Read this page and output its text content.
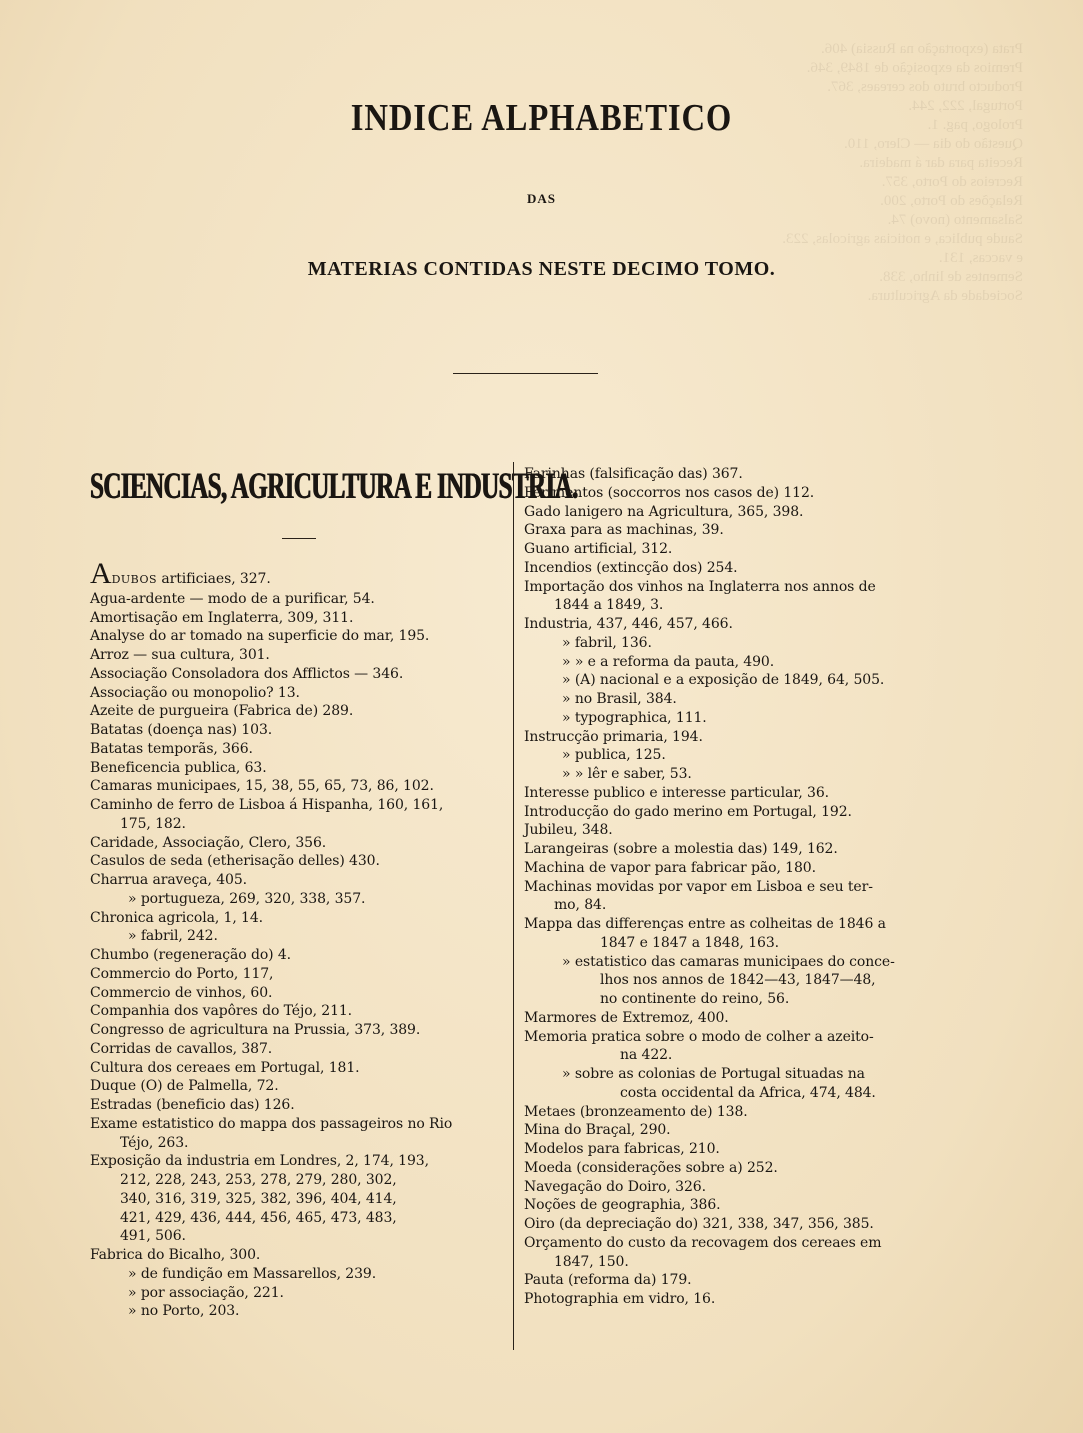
Prata (exportação na Russia) 406.
Premios da exposição de 1849, 346.
Producto bruto dos cereaes, 367.
Portugal, 222, 244.
Prologo, pag. 1.
Questão do dia — Clero, 110.
Receita para dar á madeira.
Recreios do Porto, 357.
Relações do Porto, 200.
Salsamento (novo) 74.
Saude publica, e noticias agricolas, 223.
e vaccas, 131.
Sementes de linho, 338.
Sociedade da Agricultura.
INDICE ALPHABETICO
DAS
MATERIAS CONTIDAS NESTE DECIMO TOMO.
SCIENCIAS, AGRICULTURA E INDUSTRIA.
ADUBOS artificiaes, 327.
Agua-ardente — modo de a purificar, 54.
Amortisação em Inglaterra, 309, 311.
Analyse do ar tomado na superficie do mar, 195.
Arroz — sua cultura, 301.
Associação Consoladora dos Afflictos — 346.
Associação ou monopolio? 13.
Azeite de purgueira (Fabrica de) 289.
Batatas (doença nas) 103.
Batatas temporãs, 366.
Beneficencia publica, 63.
Camaras municipaes, 15, 38, 55, 65, 73, 86, 102.
Caminho de ferro de Lisboa á Hispanha, 160, 161,
175, 182.
Caridade, Associação, Clero, 356.
Casulos de seda (etherisação delles) 430.
Charrua araveça, 405.
» portugueza, 269, 320, 338, 357.
Chronica agricola, 1, 14.
» fabril, 242.
Chumbo (regeneração do) 4.
Commercio do Porto, 117,
Commercio de vinhos, 60.
Companhia dos vapôres do Téjo, 211.
Congresso de agricultura na Prussia, 373, 389.
Corridas de cavallos, 387.
Cultura dos cereaes em Portugal, 181.
Duque (O) de Palmella, 72.
Estradas (beneficio das) 126.
Exame estatistico do mappa dos passageiros no Rio
Téjo, 263.
Exposição da industria em Londres, 2, 174, 193,
212, 228, 243, 253, 278, 279, 280, 302,
340, 316, 319, 325, 382, 396, 404, 414,
421, 429, 436, 444, 456, 465, 473, 483,
491, 506.
Fabrica do Bicalho, 300.
» de fundição em Massarellos, 239.
» por associação, 221.
» no Porto, 203.
Farinhas (falsificação das) 367.
Ferimentos (soccorros nos casos de) 112.
Gado lanigero na Agricultura, 365, 398.
Graxa para as machinas, 39.
Guano artificial, 312.
Incendios (extincção dos) 254.
Importação dos vinhos na Inglaterra nos annos de
1844 a 1849, 3.
Industria, 437, 446, 457, 466.
» fabril, 136.
» » e a reforma da pauta, 490.
» (A) nacional e a exposição de 1849, 64, 505.
» no Brasil, 384.
» typographica, 111.
Instrucção primaria, 194.
» publica, 125.
» » lêr e saber, 53.
Interesse publico e interesse particular, 36.
Introducção do gado merino em Portugal, 192.
Jubileu, 348.
Larangeiras (sobre a molestia das) 149, 162.
Machina de vapor para fabricar pão, 180.
Machinas movidas por vapor em Lisboa e seu ter-
mo, 84.
Mappa das differenças entre as colheitas de 1846 a
1847 e 1847 a 1848, 163.
» estatistico das camaras municipaes do conce-
lhos nos annos de 1842—43, 1847—48,
no continente do reino, 56.
Marmores de Extremoz, 400.
Memoria pratica sobre o modo de colher a azeito-
na 422.
» sobre as colonias de Portugal situadas na
costa occidental da Africa, 474, 484.
Metaes (bronzeamento de) 138.
Mina do Braçal, 290.
Modelos para fabricas, 210.
Moeda (considerações sobre a) 252.
Navegação do Doiro, 326.
Noções de geographia, 386.
Oiro (da depreciação do) 321, 338, 347, 356, 385.
Orçamento do custo da recovagem dos cereaes em
1847, 150.
Pauta (reforma da) 179.
Photographia em vidro, 16.
